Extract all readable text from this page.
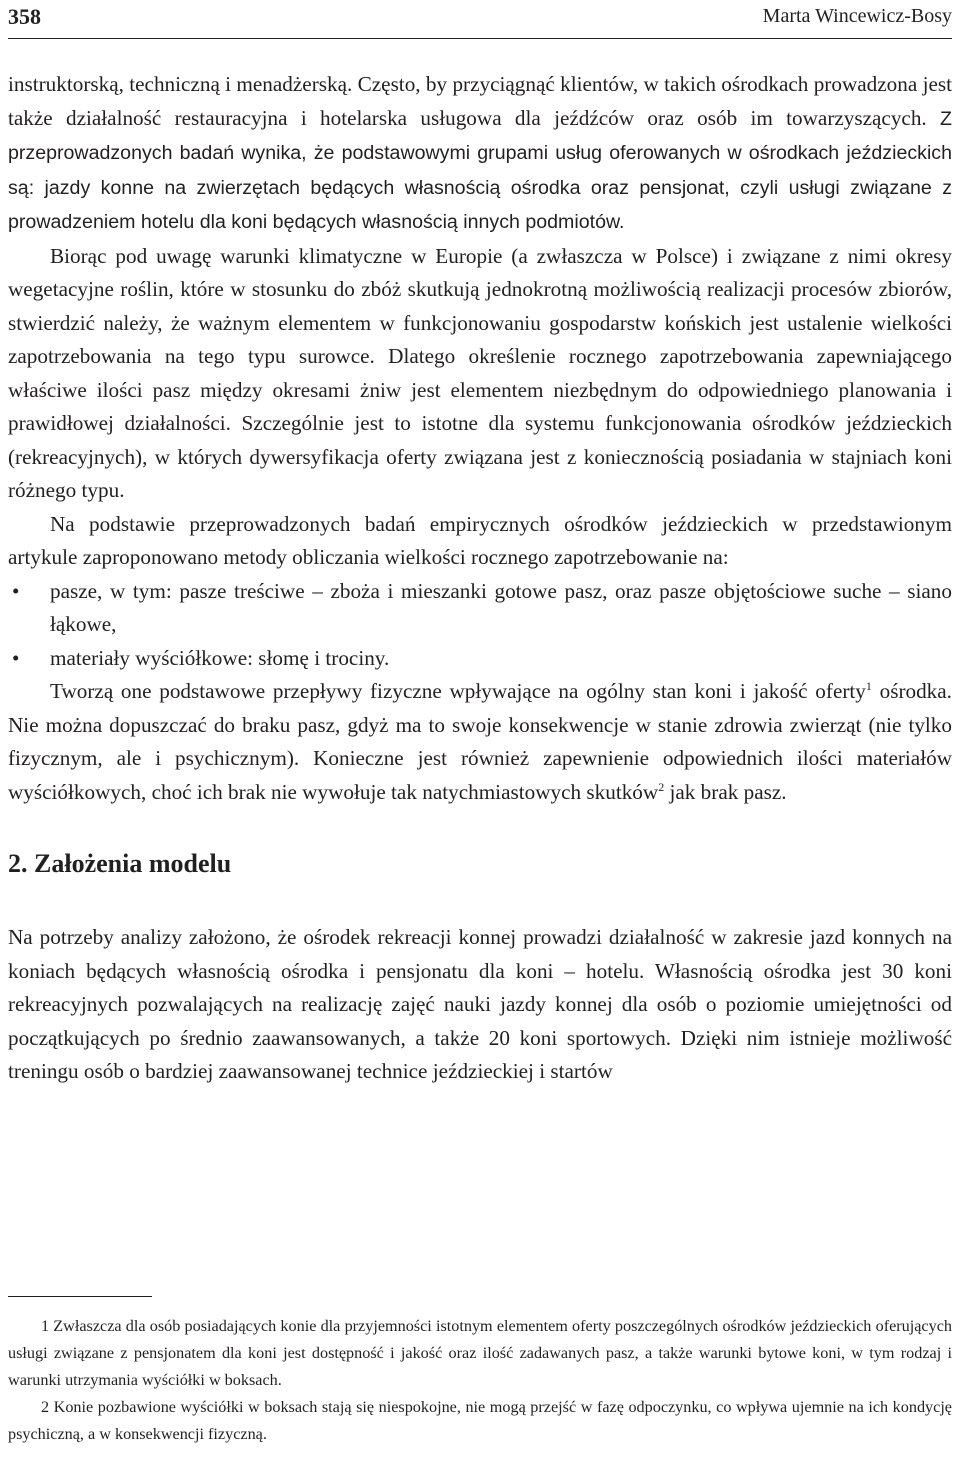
358	Marta Wincewicz-Bosy

instruktorską, techniczną i menadżerską. Często, by przyciągnąć klientów, w takich ośrodkach prowadzona jest także działalność restauracyjna i hotelarska usługowa dla jeźdźców oraz osób im towarzyszących. Z przeprowadzonych badań wynika, że podstawowymi grupami usług oferowanych w ośrodkach jeździeckich są: jazdy konne na zwierzętach będących własnością ośrodka oraz pensjonat, czyli usługi związane z prowadzeniem hotelu dla koni będących własnością innych podmiotów.

Biorąc pod uwagę warunki klimatyczne w Europie (a zwłaszcza w Polsce) i związane z nimi okresy wegetacyjne roślin, które w stosunku do zbóż skutkują jednokrotną możliwością realizacji procesów zbiorów, stwierdzić należy, że ważnym elementem w funkcjonowaniu gospodarstw końskich jest ustalenie wielkości zapotrzebowania na tego typu surowce. Dlatego określenie rocznego zapotrzebowania zapewniającego właściwe ilości pasz między okresami żniw jest elementem niezbędnym do odpowiedniego planowania i prawidłowej działalności. Szczególnie jest to istotne dla systemu funkcjonowania ośrodków jeździeckich (rekreacyjnych), w których dywersyfikacja oferty związana jest z koniecznością posiadania w stajniach koni różnego typu.

Na podstawie przeprowadzonych badań empirycznych ośrodków jeździeckich w przedstawionym artykule zaproponowano metody obliczania wielkości rocznego zapotrzebowanie na:

• pasze, w tym: pasze treściwe – zboża i mieszanki gotowe pasz, oraz pasze objętościowe suche – siano łąkowe,
• materiały wyściółkowe: słomę i trociny.

Tworzą one podstawowe przepływy fizyczne wpływające na ogólny stan koni i jakość oferty$^1$ ośrodka. Nie można dopuszczać do braku pasz, gdyż ma to swoje konsekwencje w stanie zdrowia zwierząt (nie tylko fizycznym, ale i psychicznym). Konieczne jest również zapewnienie odpowiednich ilości materiałów wyściółkowych, choć ich brak nie wywołuje tak natychmiastowych skutków$^2$ jak brak pasz.

2. Założenia modelu

Na potrzeby analizy założono, że ośrodek rekreacji konnej prowadzi działalność w zakresie jazd konnych na koniach będących własnością ośrodka i pensjonatu dla koni – hotelu. Własnością ośrodka jest 30 koni rekreacyjnych pozwalających na realizację zajęć nauki jazdy konnej dla osób o poziomie umiejętności od początkujących po średnio zaawansowanych, a także 20 koni sportowych. Dzięki nim istnieje możliwość treningu osób o bardziej zaawansowanej technice jeździeckiej i startów

1 Zwłaszcza dla osób posiadających konie dla przyjemności istotnym elementem oferty poszczególnych ośrodków jeździeckich oferujących usługi związane z pensjonatem dla koni jest dostępność i jakość oraz ilość zadawanych pasz, a także warunki bytowe koni, w tym rodzaj i warunki utrzymania wyściółki w boksach.

2 Konie pozbawione wyściółki w boksach stają się niespokojne, nie mogą przejść w fazę odpoczynku, co wpływa ujemnie na ich kondycję psychiczną, a w konsekwencji fizyczną.
